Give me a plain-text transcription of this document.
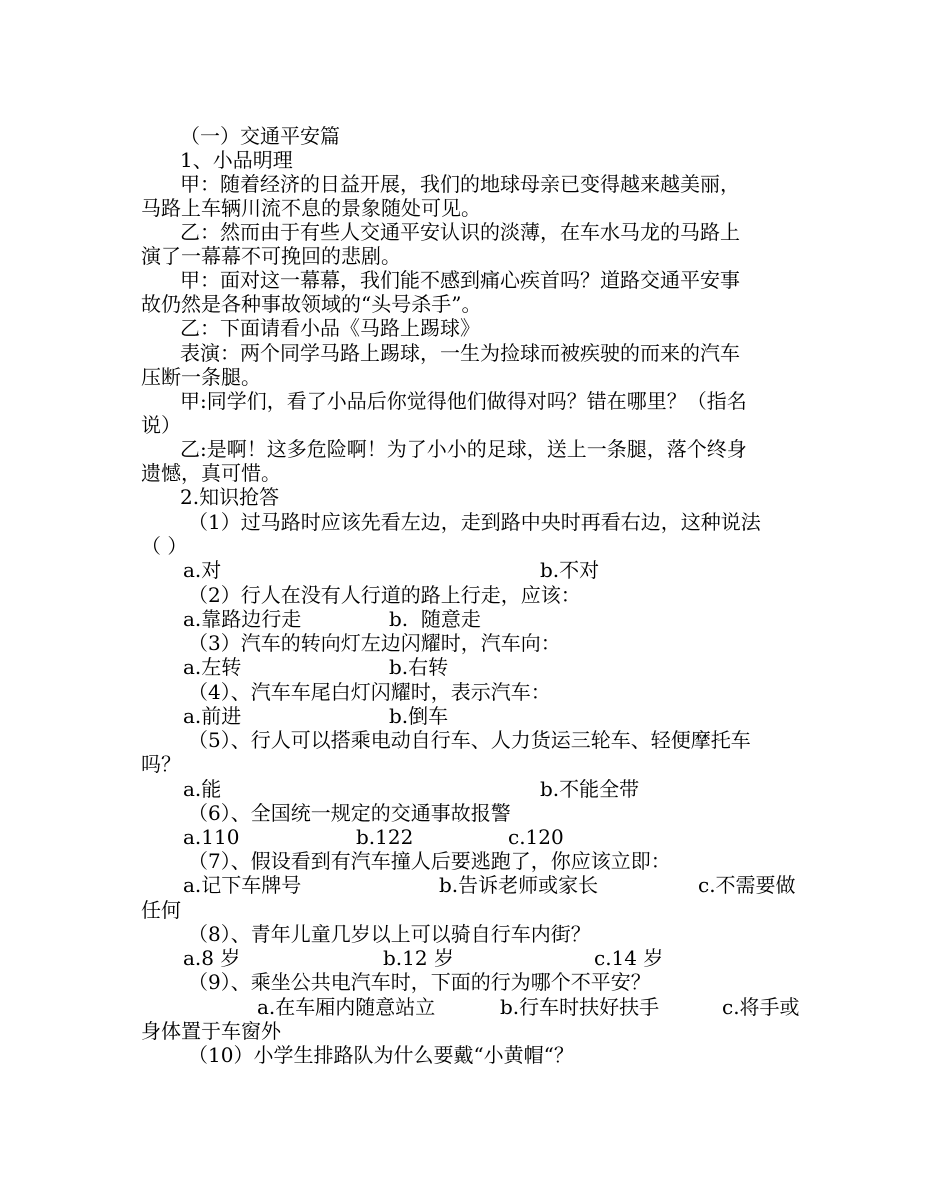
（一）交通平安篇
1、小品明理
甲：随着经济的日益开展，我们的地球母亲已变得越来越美丽，
马路上车辆川流不息的景象随处可见。
乙：然而由于有些人交通平安认识的淡薄，在车水马龙的马路上
演了一幕幕不可挽回的悲剧。
甲：面对这一幕幕，我们能不感到痛心疾首吗？道路交通平安事
故仍然是各种事故领域的“头号杀手”。
乙：下面请看小品《马路上踢球》
表演：两个同学马路上踢球，一生为捡球而被疾驶的而来的汽车
压断一条腿。
甲:同学们，看了小品后你觉得他们做得对吗？错在哪里？（指名
说）
乙:是啊！这多危险啊！为了小小的足球，送上一条腿，落个终身
遗憾，真可惜。
2.知识抢答
（1）过马路时应该先看左边，走到路中央时再看右边，这种说法
（ ）
a.对	b.不对
（2）行人在没有人行道的路上行走，应该：
a.靠路边行走	b.  随意走
（3）汽车的转向灯左边闪耀时，汽车向：
a.左转	b.右转
（4）、汽车车尾白灯闪耀时，表示汽车：
a.前进	b.倒车
（5）、行人可以搭乘电动自行车、人力货运三轮车、轻便摩托车
吗？
a.能	b.不能全带
（6）、全国统一规定的交通事故报警
a.110	b.122	c.120
（7）、假设看到有汽车撞人后要逃跑了，你应该立即：
a.记下车牌号	b.告诉老师或家长	c.不需要做
任何
（8）、青年儿童几岁以上可以骑自行车内街？
a.8 岁	b.12 岁	c.14 岁
（9）、乘坐公共电汽车时，下面的行为哪个不平安？
a.在车厢内随意站立	b.行车时扶好扶手	c.将手或
身体置于车窗外
（10）小学生排路队为什么要戴“小黄帽“？
